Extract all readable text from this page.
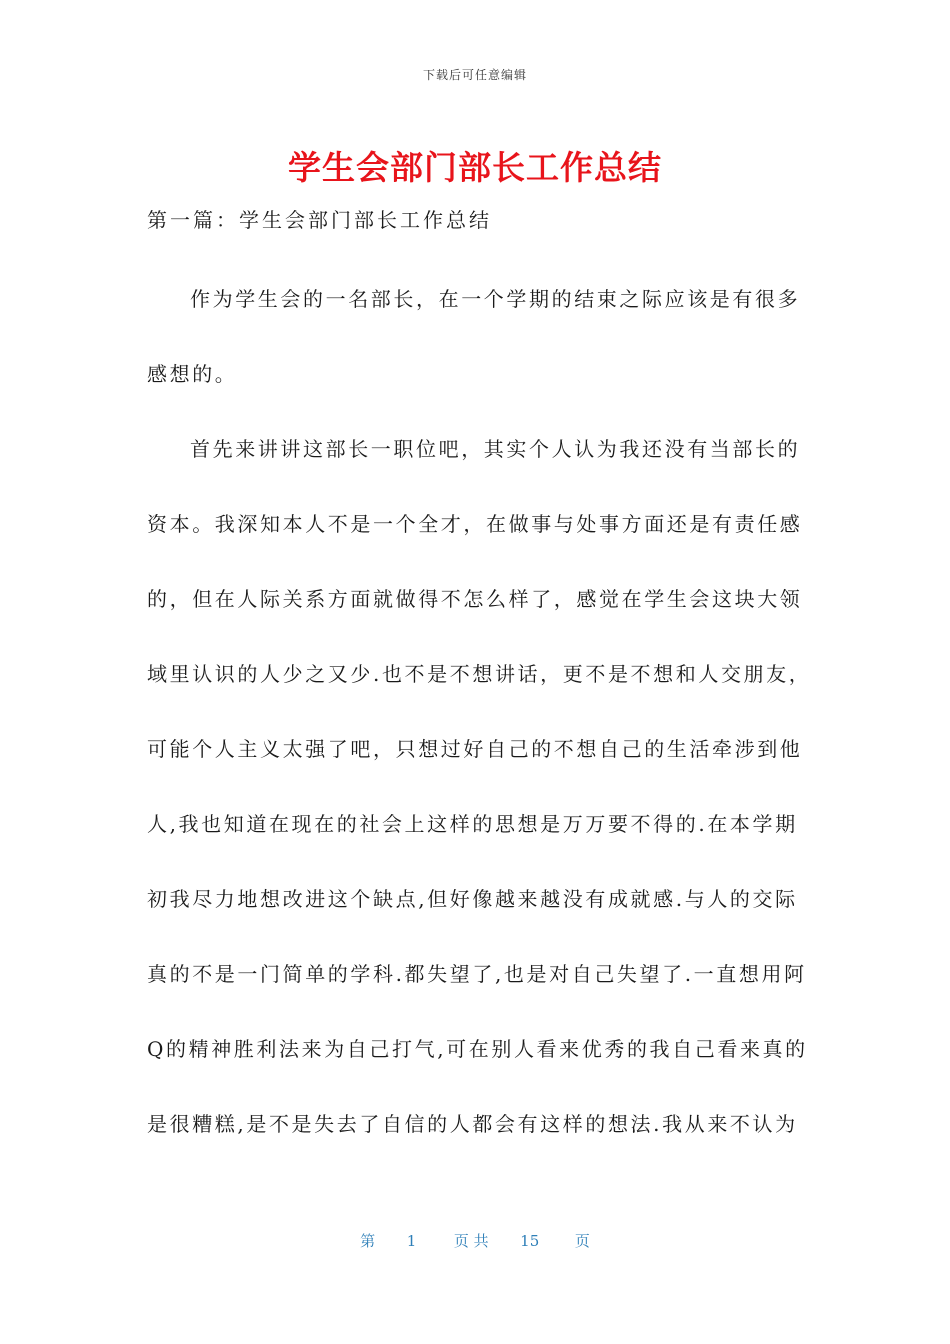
下载后可任意编辑
学生会部门部长工作总结
第一篇：学生会部门部长工作总结
作为学生会的一名部长，在一个学期的结束之际应该是有很多
感想的。
首先来讲讲这部长一职位吧，其实个人认为我还没有当部长的
资本。我深知本人不是一个全才，在做事与处事方面还是有责任感
的，但在人际关系方面就做得不怎么样了，感觉在学生会这块大领
域里认识的人少之又少.也不是不想讲话，更不是不想和人交朋友，
可能个人主义太强了吧，只想过好自己的不想自己的生活牵涉到他
人,我也知道在现在的社会上这样的思想是万万要不得的.在本学期
初我尽力地想改进这个缺点,但好像越来越没有成就感.与人的交际
真的不是一门简单的学科.都失望了,也是对自己失望了.一直想用阿
Q的精神胜利法来为自己打气,可在别人看来优秀的我自己看来真的
是很糟糕,是不是失去了自信的人都会有这样的想法.我从来不认为
第 1	页 共 15 页
